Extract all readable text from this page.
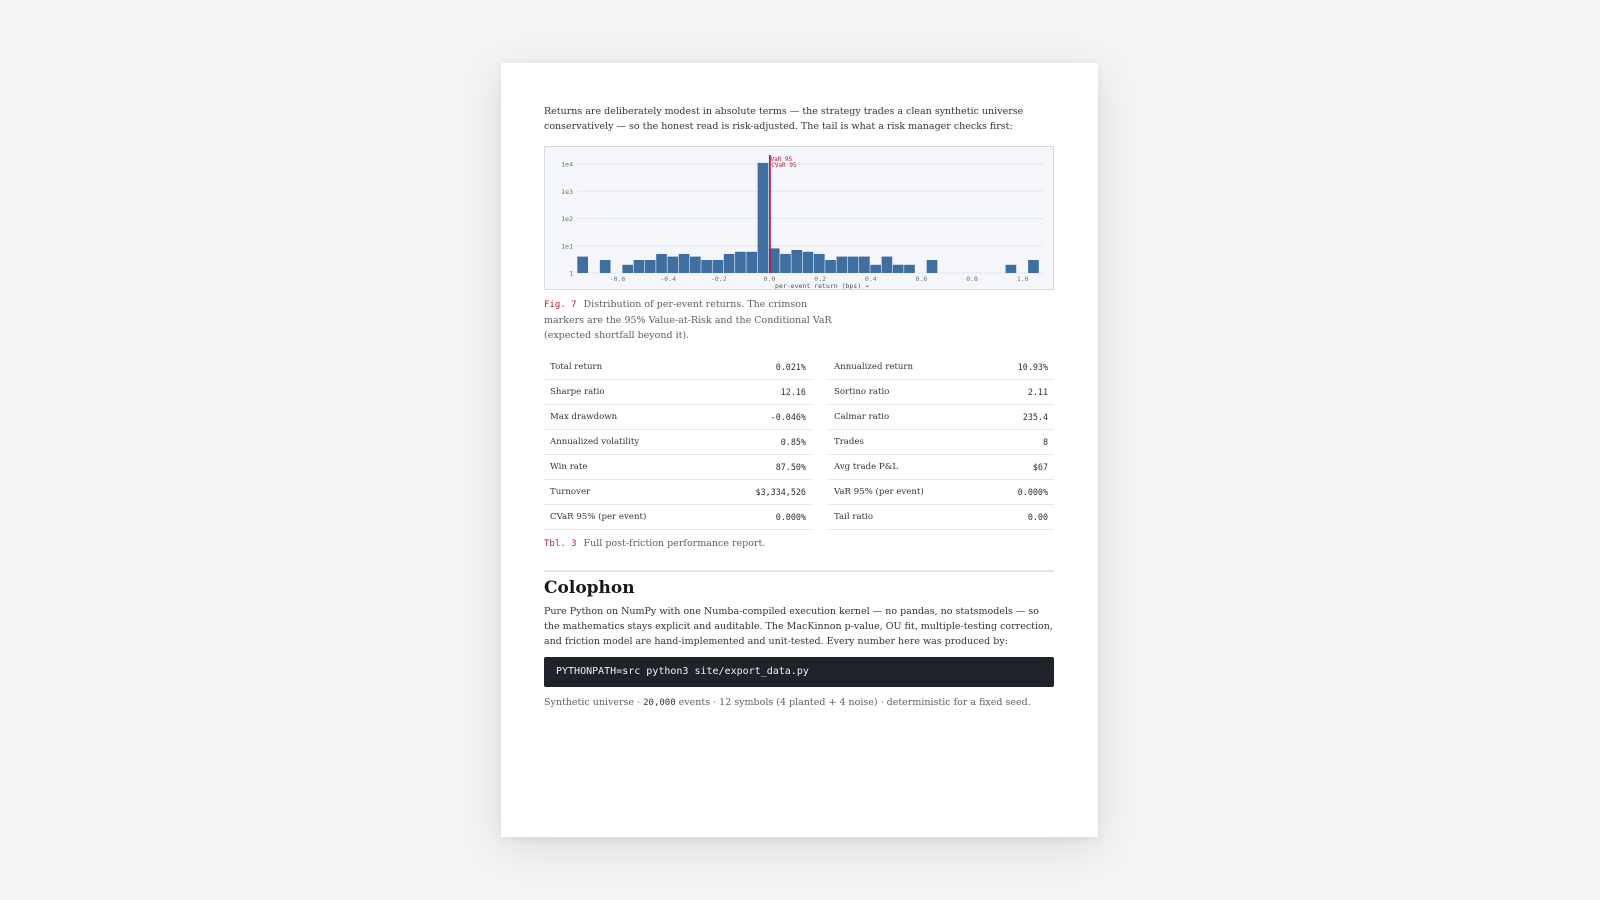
Returns are deliberately modest in absolute terms — the strategy trades a clean synthetic universe conservatively — so the honest read is risk-adjusted. The tail is what a risk manager checks first:

1
1e1
1e2
1e3
1e4
-0.6	-0.4	-0.2	0.0	0.2	0.4	0.6	0.8	1.0
per-event return (bps) →
VaR 95
CVaR 95
Fig. 7 Distribution of per-event returns. The crimson markers are the 95% Value-at-Risk and the Conditional VaR (expected shortfall beyond it).
Total return	0.021%		Annualized return	10.93%
Sharpe ratio	12.16		Sortino ratio	2.11
Max drawdown	-0.046%		Calmar ratio	235.4
Annualized volatility	0.85%		Trades	8
Win rate	87.50%		Avg trade P&L	$67
Turnover	$3,334,526		VaR 95% (per event)	0.000%
CVaR 95% (per event)	0.000%		Tail ratio	0.00
Tbl. 3 Full post-friction performance report.
Colophon

Pure Python on NumPy with one Numba-compiled execution kernel — no pandas, no statsmodels — so the mathematics stays explicit and auditable. The MacKinnon p-value, OU fit, multiple-testing correction, and friction model are hand-implemented and unit-tested. Every number here was produced by:

PYTHONPATH=src python3 site/export_data.py
Synthetic universe · 20,000 events · 12 symbols (4 planted + 4 noise) · deterministic for a fixed seed.
